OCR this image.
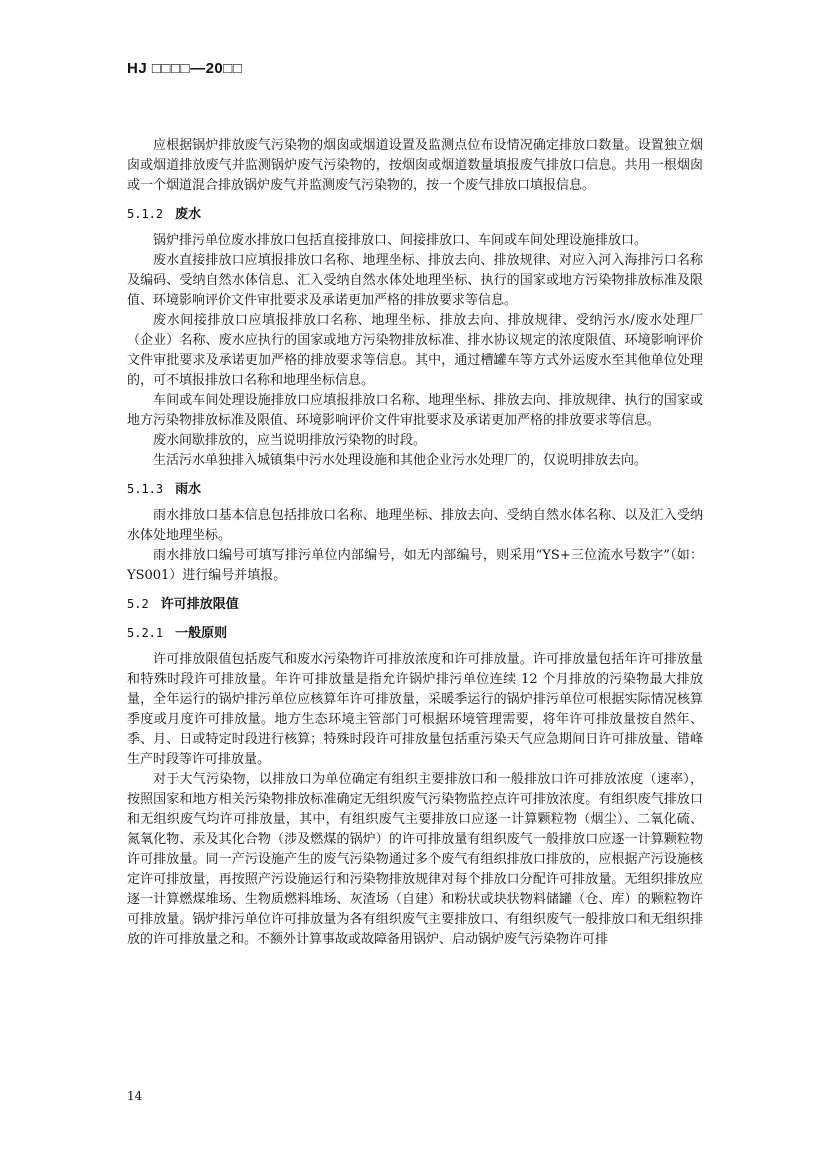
HJ □□□□—20□□

应根据锅炉排放废气污染物的烟囱或烟道设置及监测点位布设情况确定排放口数量。设置独立烟囱或烟道排放废气并监测锅炉废气污染物的，按烟囱或烟道数量填报废气排放口信息。共用一根烟囱或一个烟道混合排放锅炉废气并监测废气污染物的，按一个废气排放口填报信息。

5.1.2 废水

锅炉排污单位废水排放口包括直接排放口、间接排放口、车间或车间处理设施排放口。

废水直接排放口应填报排放口名称、地理坐标、排放去向、排放规律、对应入河入海排污口名称及编码、受纳自然水体信息、汇入受纳自然水体处地理坐标、执行的国家或地方污染物排放标准及限值、环境影响评价文件审批要求及承诺更加严格的排放要求等信息。

废水间接排放口应填报排放口名称、地理坐标、排放去向、排放规律、受纳污水/废水处理厂（企业）名称、废水应执行的国家或地方污染物排放标准、排水协议规定的浓度限值、环境影响评价文件审批要求及承诺更加严格的排放要求等信息。其中，通过槽罐车等方式外运废水至其他单位处理的，可不填报排放口名称和地理坐标信息。

车间或车间处理设施排放口应填报排放口名称、地理坐标、排放去向、排放规律、执行的国家或地方污染物排放标准及限值、环境影响评价文件审批要求及承诺更加严格的排放要求等信息。

废水间歇排放的，应当说明排放污染物的时段。

生活污水单独排入城镇集中污水处理设施和其他企业污水处理厂的，仅说明排放去向。

5.1.3 雨水

雨水排放口基本信息包括排放口名称、地理坐标、排放去向、受纳自然水体名称、以及汇入受纳水体处地理坐标。

雨水排放口编号可填写排污单位内部编号，如无内部编号，则采用“YS+三位流水号数字”（如：YS001）进行编号并填报。

5.2 许可排放限值
5.2.1 一般原则

许可排放限值包括废气和废水污染物许可排放浓度和许可排放量。许可排放量包括年许可排放量和特殊时段许可排放量。年许可排放量是指允许锅炉排污单位连续 12 个月排放的污染物最大排放量，全年运行的锅炉排污单位应核算年许可排放量，采暖季运行的锅炉排污单位可根据实际情况核算季度或月度许可排放量。地方生态环境主管部门可根据环境管理需要，将年许可排放量按自然年、季、月、日或特定时段进行核算；特殊时段许可排放量包括重污染天气应急期间日许可排放量、错峰生产时段等许可排放量。

对于大气污染物，以排放口为单位确定有组织主要排放口和一般排放口许可排放浓度（速率），按照国家和地方相关污染物排放标准确定无组织废气污染物监控点许可排放浓度。有组织废气排放口和无组织废气均许可排放量，其中，有组织废气主要排放口应逐一计算颗粒物（烟尘）、二氧化硫、氮氧化物、汞及其化合物（涉及燃煤的锅炉）的许可排放量有组织废气一般排放口应逐一计算颗粒物许可排放量。同一产污设施产生的废气污染物通过多个废气有组织排放口排放的，应根据产污设施核定许可排放量，再按照产污设施运行和污染物排放规律对每个排放口分配许可排放量。无组织排放应逐一计算燃煤堆场、生物质燃料堆场、灰渣场（自建）和粉状或块状物料储罐（仓、库）的颗粒物许可排放量。锅炉排污单位许可排放量为各有组织废气主要排放口、有组织废气一般排放口和无组织排放的许可排放量之和。不额外计算事故或故障备用锅炉、启动锅炉废气污染物许可排

14
